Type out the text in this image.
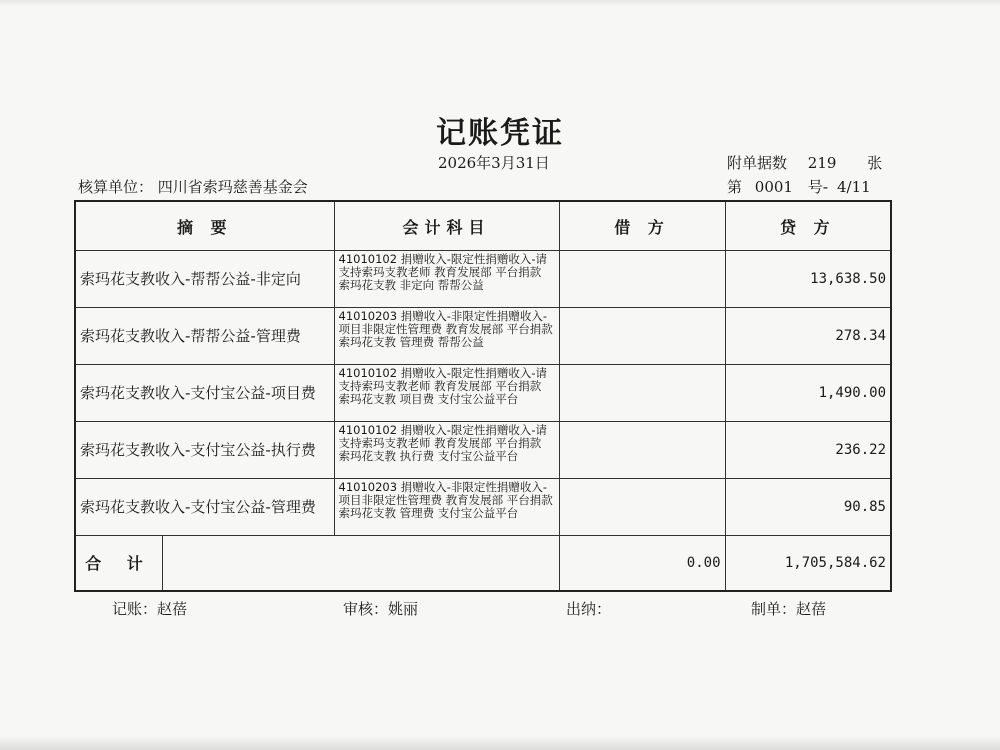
记账凭证
2026年3月31日	附单据数 219 张
核算单位： 四川省索玛慈善基金会	第 0001 号- 4/11
摘 要	会计科目	借 方	贷 方
索玛花支教收入-帮帮公益-非定向	41010102 捐赠收入-限定性捐赠收入-请支持索玛支教老师 教育发展部 平台捐款 索玛花支教 非定向 帮帮公益		13,638.50
索玛花支教收入-帮帮公益-管理费	41010203 捐赠收入-非限定性捐赠收入-项目非限定性管理费 教育发展部 平台捐款 索玛花支教 管理费 帮帮公益		278.34
索玛花支教收入-支付宝公益-项目费	41010102 捐赠收入-限定性捐赠收入-请支持索玛支教老师 教育发展部 平台捐款 索玛花支教 项目费 支付宝公益平台		1,490.00
索玛花支教收入-支付宝公益-执行费	41010102 捐赠收入-限定性捐赠收入-请支持索玛支教老师 教育发展部 平台捐款 索玛花支教 执行费 支付宝公益平台		236.22
索玛花支教收入-支付宝公益-管理费	41010203 捐赠收入-非限定性捐赠收入-项目非限定性管理费 教育发展部 平台捐款 索玛花支教 管理费 支付宝公益平台		90.85

合 计		0.00	1,705,584.62
记账：赵蓓	审核：姚丽	出纳：	制单：赵蓓
